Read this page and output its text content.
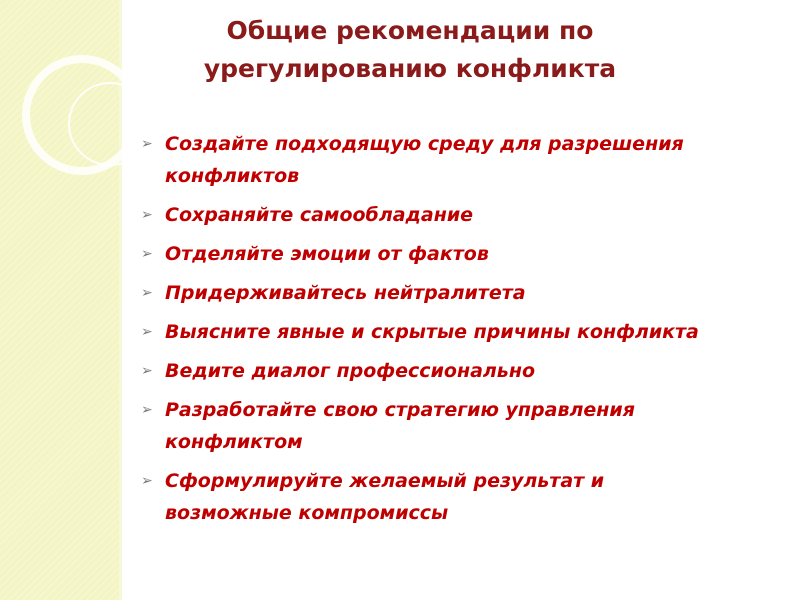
Общие рекомендации по
урегулированию конфликта
➢ Создайте подходящую среду для разрешения
конфликтов
➢ Сохраняйте самообладание
➢ Отделяйте эмоции от фактов
➢ Придерживайтесь нейтралитета
➢ Выясните явные и скрытые причины конфликта
➢ Ведите диалог профессионально
➢ Разработайте свою стратегию управления
конфликтом
➢ Сформулируйте желаемый результат и
возможные компромиссы
